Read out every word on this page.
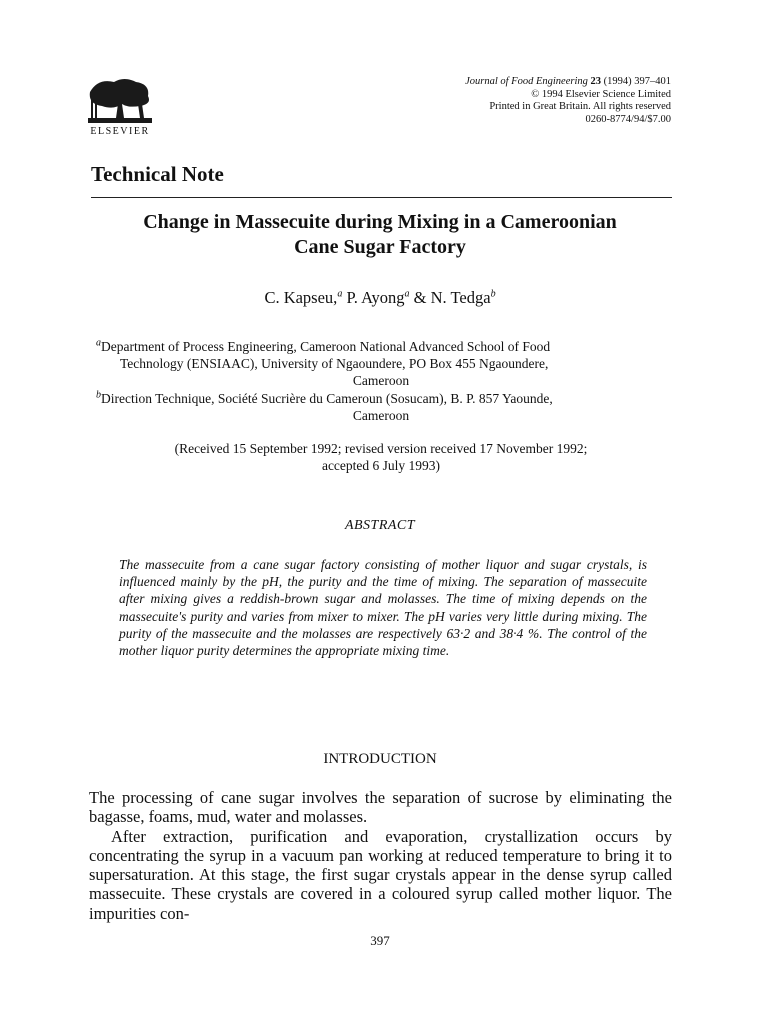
ELSEVIER
Journal of Food Engineering 23 (1994) 397–401
© 1994 Elsevier Science Limited
Printed in Great Britain. All rights reserved
0260-8774/94/$7.00
Technical Note
Change in Massecuite during Mixing in a Cameroonian
Cane Sugar Factory
C. Kapseu,$^a$ P. Ayong$^a$ & N. Tedga$^b$
$^a$Department of Process Engineering, Cameroon National Advanced School of Food
Technology (ENSIAAC), University of Ngaoundere, PO Box 455 Ngaoundere,
Cameroon
$^b$Direction Technique, Société Sucrière du Cameroun (Sosucam), B. P. 857 Yaounde,
Cameroon
(Received 15 September 1992; revised version received 17 November 1992;
accepted 6 July 1993)
ABSTRACT
The massecuite from a cane sugar factory consisting of mother liquor and sugar crystals, is influenced mainly by the pH, the purity and the time of mixing. The separation of massecuite after mixing gives a reddish-brown sugar and molasses. The time of mixing depends on the massecuite's purity and varies from mixer to mixer. The pH varies very little during mixing. The purity of the massecuite and the molasses are respectively 63·2 and 38·4 %. The control of the mother liquor purity determines the appropriate mixing time.
INTRODUCTION

The processing of cane sugar involves the separation of sucrose by eliminating the bagasse, foams, mud, water and molasses.

After extraction, purification and evaporation, crystallization occurs by concentrating the syrup in a vacuum pan working at reduced temperature to bring it to supersaturation. At this stage, the first sugar crystals appear in the dense syrup called massecuite. These crystals are covered in a coloured syrup called mother liquor. The impurities con-

397
